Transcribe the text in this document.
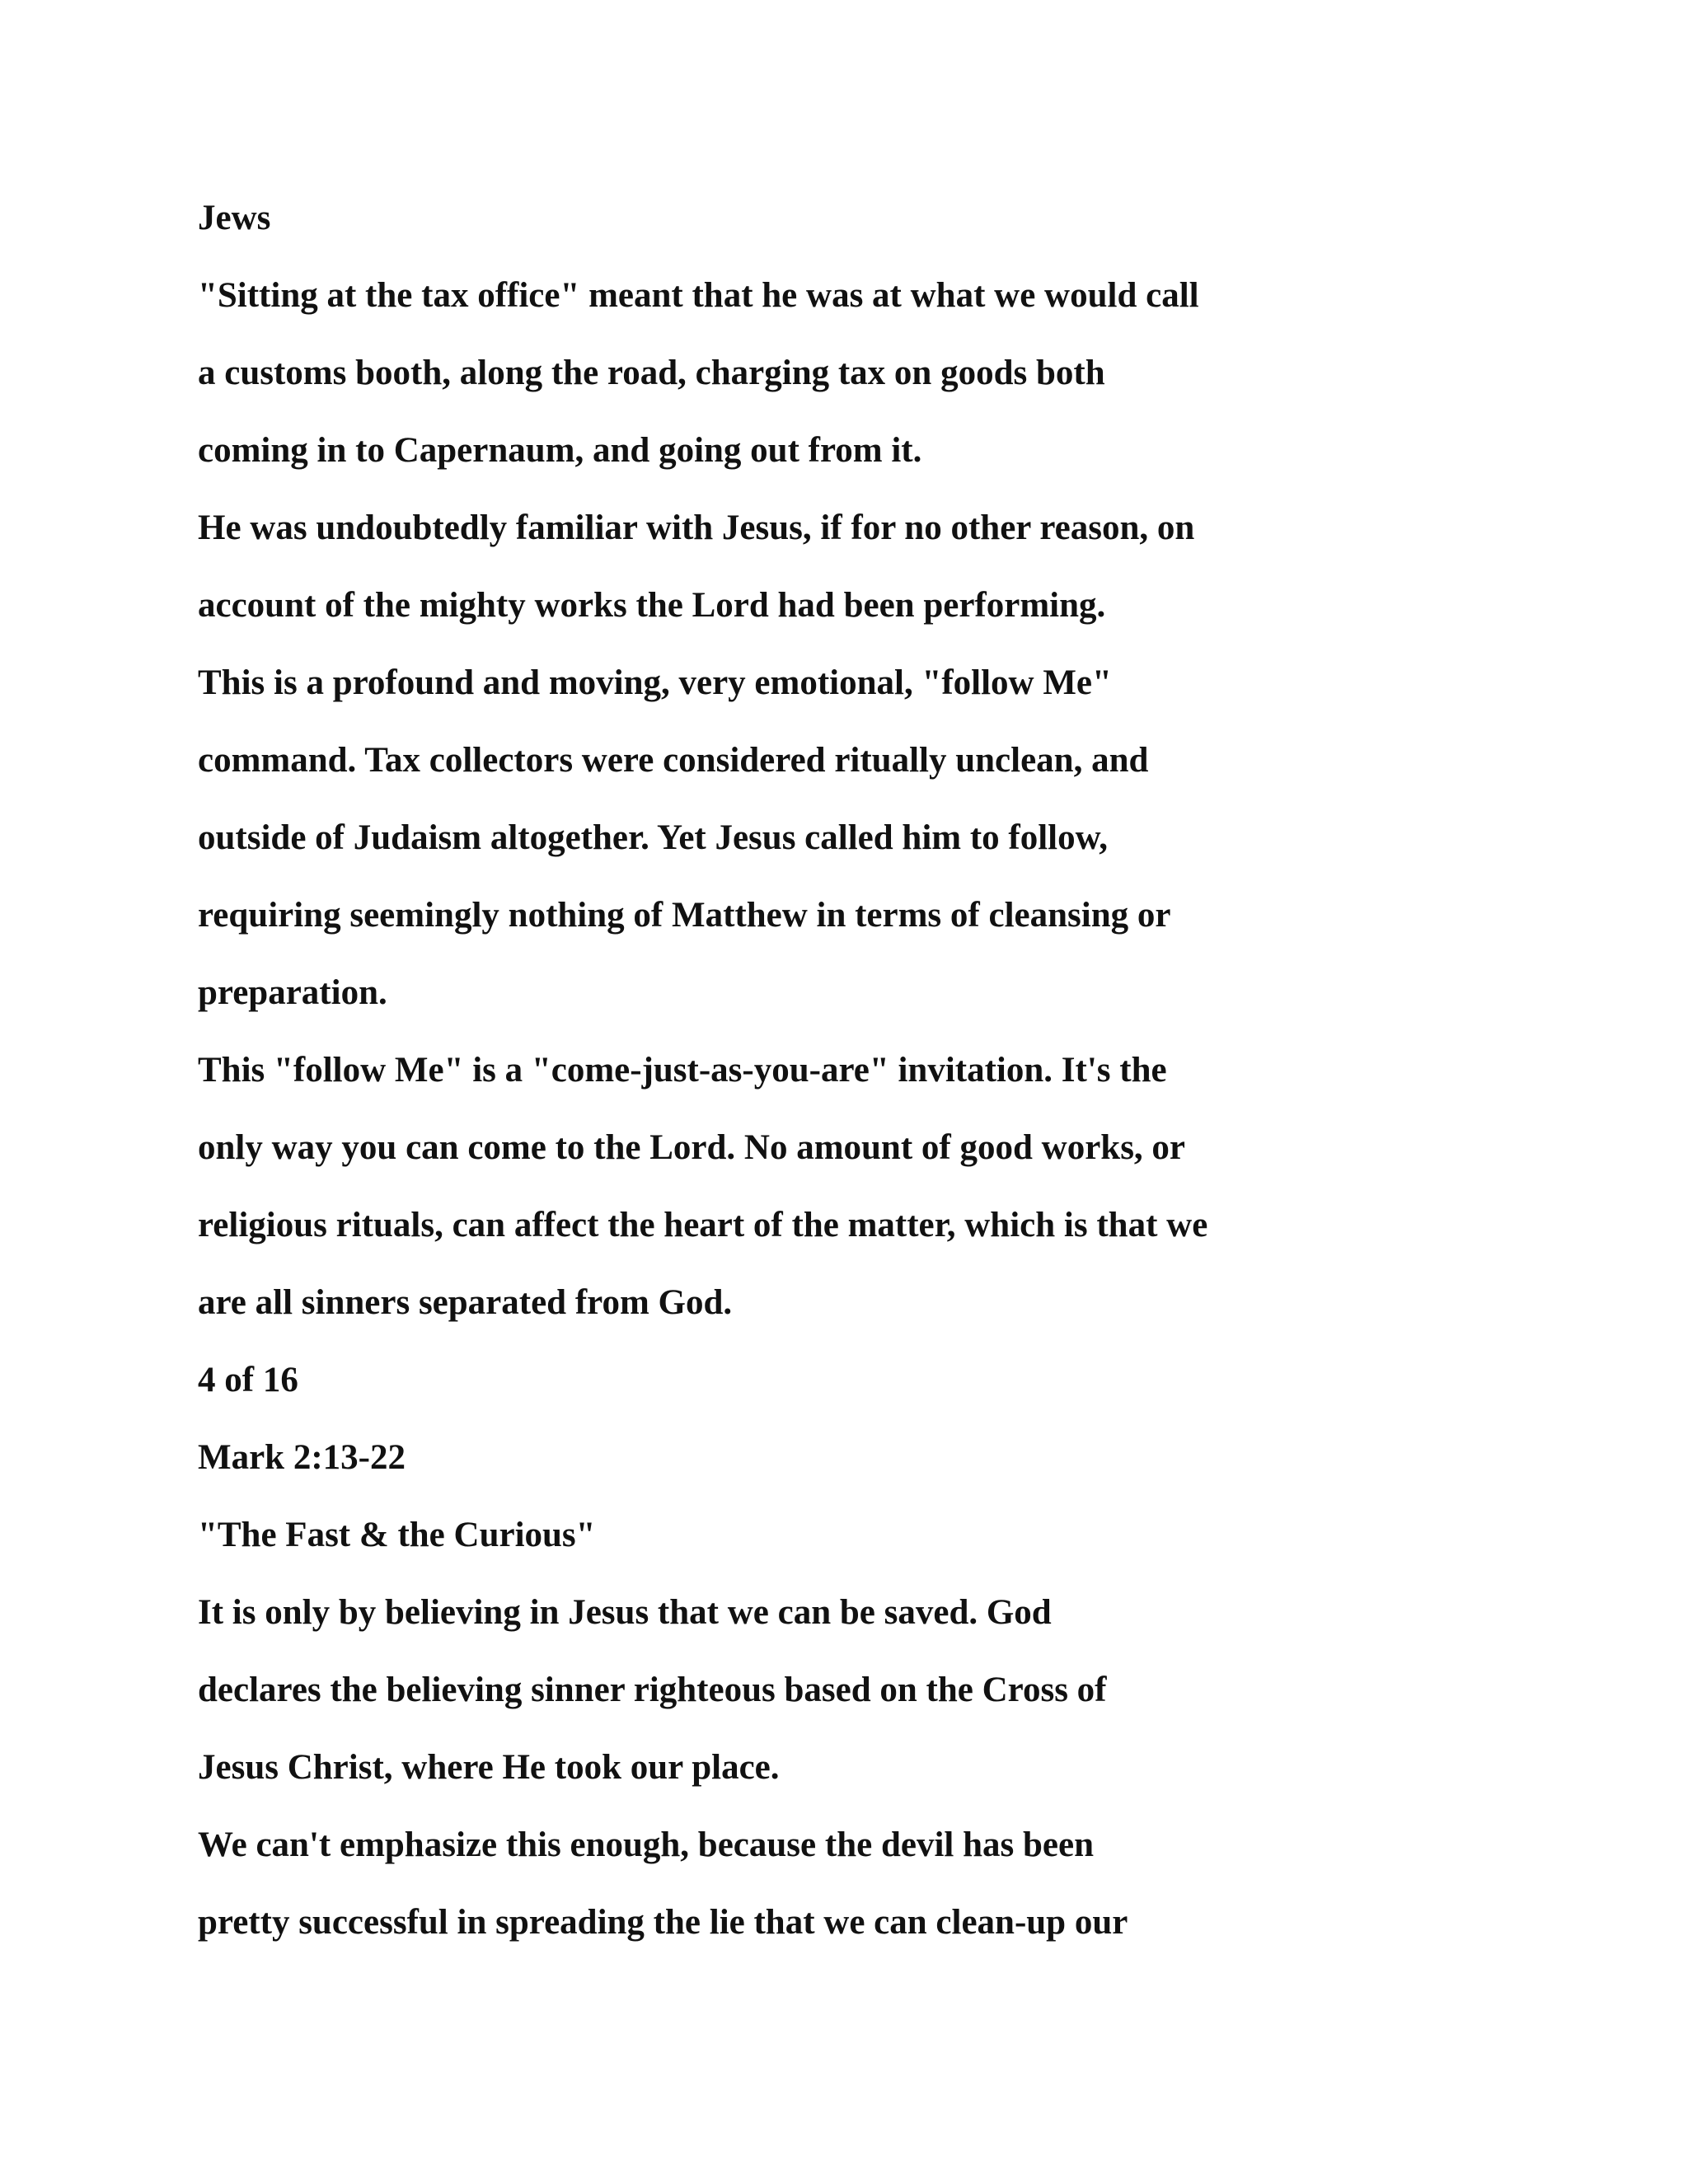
Jews
"Sitting at the tax office" meant that he was at what we would call
a customs booth, along the road, charging tax on goods both
coming in to Capernaum, and going out from it.
He was undoubtedly familiar with Jesus, if for no other reason, on
account of the mighty works the Lord had been performing.
This is a profound and moving, very emotional, "follow Me"
command. Tax collectors were considered ritually unclean, and
outside of Judaism altogether. Yet Jesus called him to follow,
requiring seemingly nothing of Matthew in terms of cleansing or
preparation.
This "follow Me" is a "come-just-as-you-are" invitation. It's the
only way you can come to the Lord. No amount of good works, or
religious rituals, can affect the heart of the matter, which is that we
are all sinners separated from God.
4 of 16
Mark 2:13-22
"The Fast & the Curious"
It is only by believing in Jesus that we can be saved. God
declares the believing sinner righteous based on the Cross of
Jesus Christ, where He took our place.
We can't emphasize this enough, because the devil has been
pretty successful in spreading the lie that we can clean-up our
